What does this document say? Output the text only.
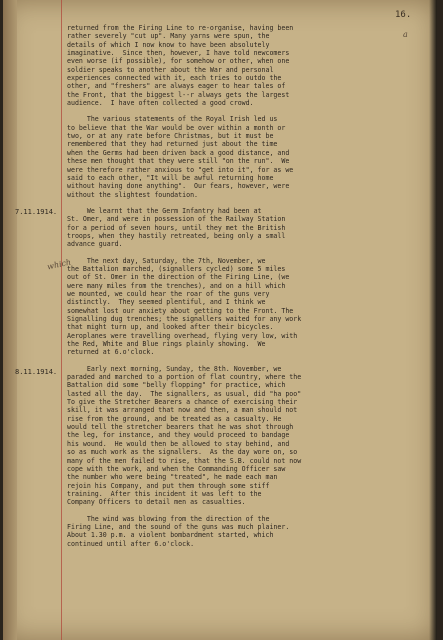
16.
a
which
7.11.1914.
8.11.1914.
returned from the Firing Line to re-organise, having been
rather severely "cut up". Many yarns were spun, the
details of which I now know to have been absolutely
imaginative.  Since then, however, I have told newcomers
even worse (if possible), for somehow or other, when one
soldier speaks to another about the War and personal
experiences connected with it, each tries to outdo the
other, and "freshers" are always eager to hear tales of
the Front, that the biggest l--r always gets the largest
audience.  I have often collected a good crowd.
The various statements of the Royal Irish led us
to believe that the War would be over within a month or
two, or at any rate before Christmas, but it must be
remembered that they had returned just about the time
when the Germs had been driven back a good distance, and
these men thought that they were still "on the run".  We
were therefore rather anxious to "get into it", for as we
said to each other, "It will be awful returning home
without having done anything".  Our fears, however, were
without the slightest foundation.
We learnt that the Germ Infantry had been at
St. Omer, and were in possession of the Railway Station
for a period of seven hours, until they met the British
troops, when they hastily retreated, being only a small
advance guard.
The next day, Saturday, the 7th, November, we
the Battalion marched, (signallers cycled) some 5 miles
out of St. Omer in the direction of the Firing Line, (we
were many miles from the trenches), and on a hill which
we mounted, we could hear the roar of the guns very
distinctly.  They seemed plentiful, and I think we
somewhat lost our anxiety about getting to the Front. The
Signalling dug trenches; the signallers waited for any work
that might turn up, and looked after their bicycles.
Aeroplanes were travelling overhead, flying very low, with
the Red, White and Blue rings plainly showing.  We
returned at 6.o'clock.
Early next morning, Sunday, the 8th. November, we
paraded and marched to a portion of flat country, where the
Battalion did some "belly flopping" for practice, which
lasted all the day.  The signallers, as usual, did "ha poo"
To give the Stretcher Bearers a chance of exercising their
skill, it was arranged that now and then, a man should not
rise from the ground, and be treated as a casualty. He
would tell the stretcher bearers that he was shot through
the leg, for instance, and they would proceed to bandage
his wound.  He would then be allowed to stay behind, and
so as much work as the signallers.  As the day wore on, so
many of the men failed to rise, that the S.B. could not now
cope with the work, and when the Commanding Officer saw
the number who were being "treated", he made each man
rejoin his Company, and put them through some stiff
training.  After this incident it was left to the
Company Officers to detail men as casualties.
The wind was blowing from the direction of the
Firing Line, and the sound of the guns was much plainer.
About 1.30 p.m. a violent bombardment started, which
continued until after 6.o'clock.
